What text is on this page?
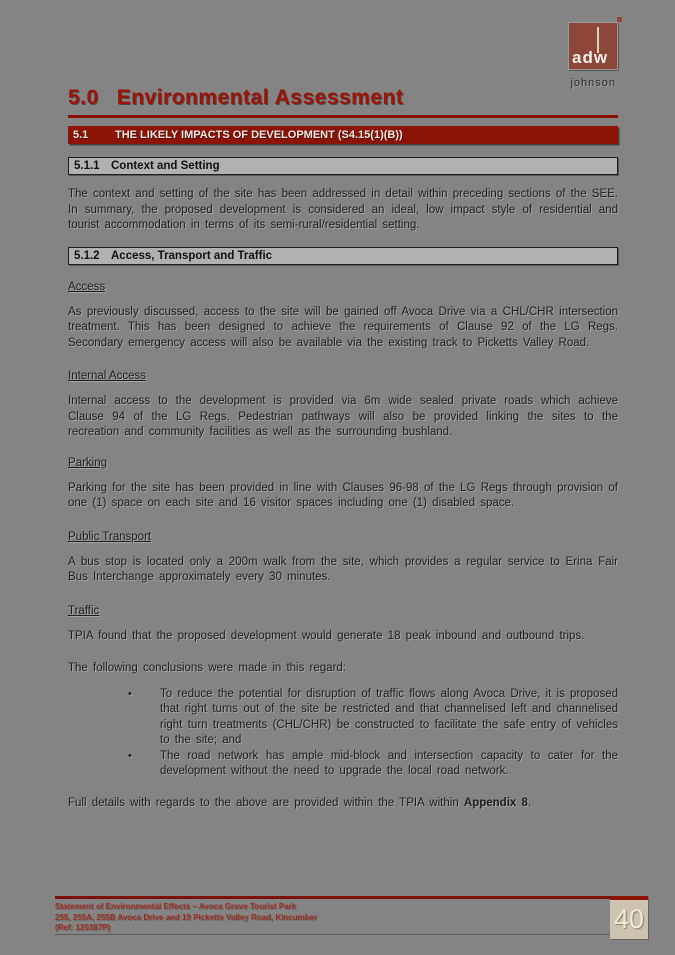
adw
johnson
5.0 Environmental Assessment
5.1 THE LIKELY IMPACTS OF DEVELOPMENT (S4.15(1)(B))
5.1.1 Context and Setting

The context and setting of the site has been addressed in detail within preceding sections of the SEE. In summary, the proposed development is considered an ideal, low impact style of residential and tourist accommodation in terms of its semi-rural/residential setting.

5.1.2 Access, Transport and Traffic

Access

As previously discussed, access to the site will be gained off Avoca Drive via a CHL/CHR intersection treatment. This has been designed to achieve the requirements of Clause 92 of the LG Regs. Secondary emergency access will also be available via the existing track to Picketts Valley Road.

Internal Access

Internal access to the development is provided via 6m wide sealed private roads which achieve Clause 94 of the LG Regs. Pedestrian pathways will also be provided linking the sites to the recreation and community facilities as well as the surrounding bushland.

Parking

Parking for the site has been provided in line with Clauses 96-98 of the LG Regs through provision of one (1) space on each site and 16 visitor spaces including one (1) disabled space.

Public Transport

A bus stop is located only a 200m walk from the site, which provides a regular service to Erina Fair Bus Interchange approximately every 30 minutes.

Traffic

TPIA found that the proposed development would generate 18 peak inbound and outbound trips.

The following conclusions were made in this regard:

• To reduce the potential for disruption of traffic flows along Avoca Drive, it is proposed that right turns out of the site be restricted and that channelised left and channelised right turn treatments (CHL/CHR) be constructed to facilitate the safe entry of vehicles to the site; and
• The road network has ample mid-block and intersection capacity to cater for the development without the need to upgrade the local road network.

Full details with regards to the above are provided within the TPIA within Appendix 8.

Statement of Environmental Effects – Avoca Grove Tourist Park
255, 255A, 255B Avoca Drive and 19 Picketts Valley Road, Kincumber
(Ref: 120387P)	40
